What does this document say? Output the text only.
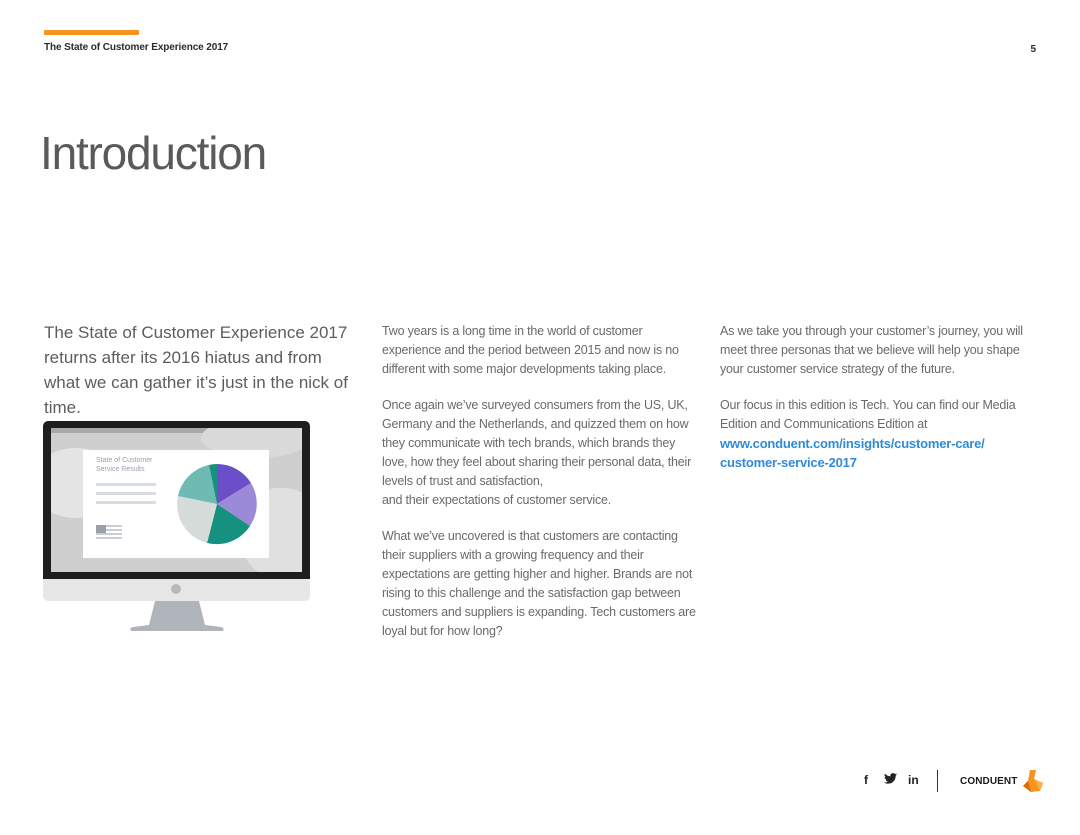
The State of Customer Experience 2017	5
Introduction

The State of Customer Experience 2017 returns after its 2016 hiatus and from what we can gather it’s just in the nick of time.

State of Customer Service Results

Two years is a long time in the world of customer experience and the period between 2015 and now is no different with some major developments taking place.

Once again we’ve surveyed consumers from the US, UK, Germany and the Netherlands, and quizzed them on how they communicate with tech brands, which brands they love, how they feel about sharing their personal data, their levels of trust and satisfaction,

and their expectations of customer service.

What we’ve uncovered is that customers are contacting their suppliers with a growing frequency and their expectations are getting higher and higher. Brands are not rising to this challenge and the satisfaction gap between customers and suppliers is expanding. Tech customers are loyal but for how long?

As we take you through your customer’s journey, you will meet three personas that we believe will help you shape your customer service strategy of the future.

Our focus in this edition is Tech. You can find our Media Edition and Communications Edition at
www.conduent.com/insights/customer-care/
customer-service-2017

f	in	CONDUENT
